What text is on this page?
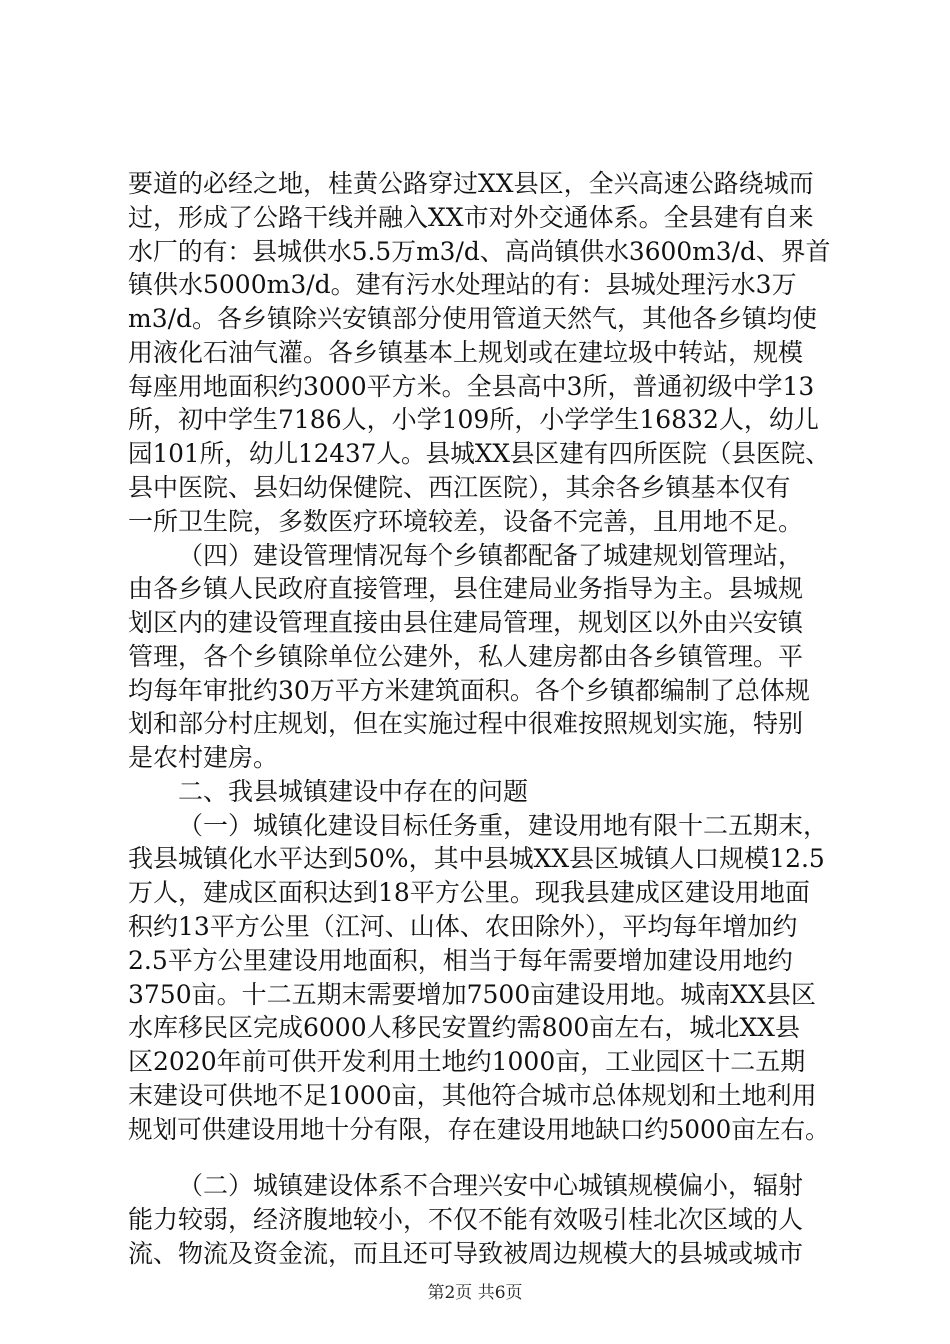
要道的必经之地，桂黄公路穿过XX县区，全兴高速公路绕城而
过，形成了公路干线并融入XX市对外交通体系。全县建有自来
水厂的有：县城供水5.5万m3/d、高尚镇供水3600m3/d、界首
镇供水5000m3/d。建有污水处理站的有：县城处理污水3万
m3/d。各乡镇除兴安镇部分使用管道天然气，其他各乡镇均使
用液化石油气灌。各乡镇基本上规划或在建垃圾中转站，规模
每座用地面积约3000平方米。全县高中3所，普通初级中学13
所，初中学生7186人，小学109所，小学学生16832人，幼儿
园101所，幼儿12437人。县城XX县区建有四所医院（县医院、
县中医院、县妇幼保健院、西江医院），其余各乡镇基本仅有
一所卫生院，多数医疗环境较差，设备不完善，且用地不足。
（四）建设管理情况每个乡镇都配备了城建规划管理站，
由各乡镇人民政府直接管理，县住建局业务指导为主。县城规
划区内的建设管理直接由县住建局管理，规划区以外由兴安镇
管理，各个乡镇除单位公建外，私人建房都由各乡镇管理。平
均每年审批约30万平方米建筑面积。各个乡镇都编制了总体规
划和部分村庄规划，但在实施过程中很难按照规划实施，特别
是农村建房。
二、我县城镇建设中存在的问题
（一）城镇化建设目标任务重，建设用地有限十二五期末，
我县城镇化水平达到50%，其中县城XX县区城镇人口规模12.5
万人，建成区面积达到18平方公里。现我县建成区建设用地面
积约13平方公里（江河、山体、农田除外），平均每年增加约
2.5平方公里建设用地面积，相当于每年需要增加建设用地约
3750亩。十二五期末需要增加7500亩建设用地。城南XX县区
水库移民区完成6000人移民安置约需800亩左右，城北XX县
区2020年前可供开发利用土地约1000亩，工业园区十二五期
末建设可供地不足1000亩，其他符合城市总体规划和土地利用
规划可供建设用地十分有限，存在建设用地缺口约5000亩左右。
（二）城镇建设体系不合理兴安中心城镇规模偏小，辐射
能力较弱，经济腹地较小，不仅不能有效吸引桂北次区域的人
流、物流及资金流，而且还可导致被周边规模大的县城或城市
第2页 共6页
